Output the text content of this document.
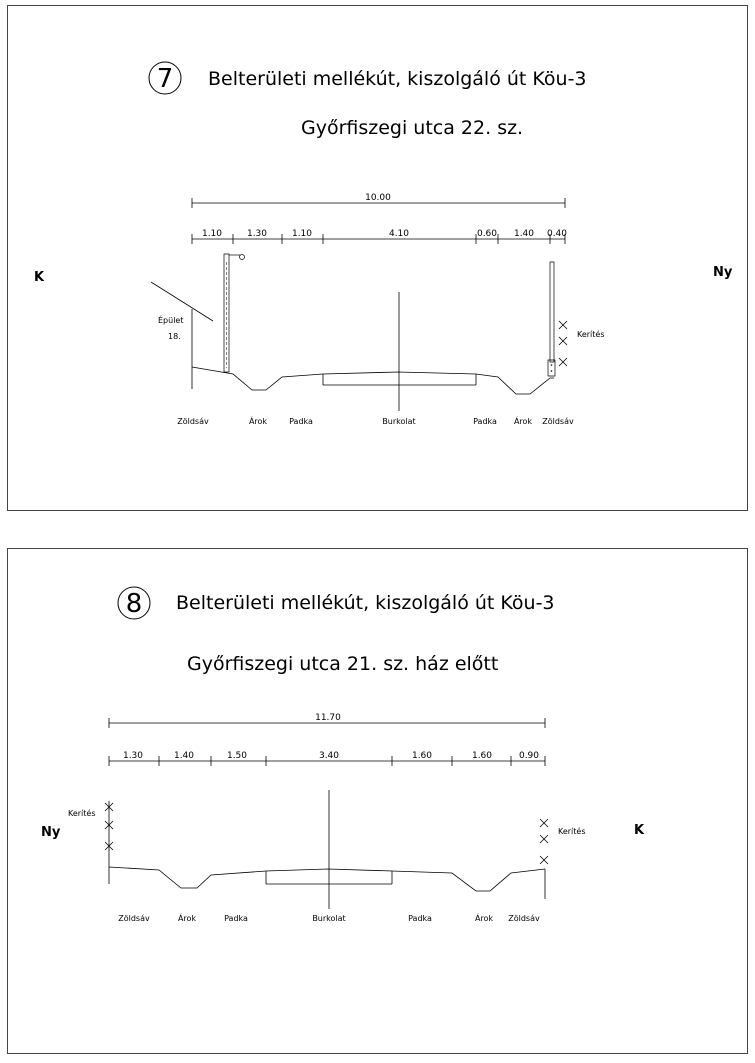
7 Belterületi mellékút, kiszolgáló út Köu-3
Győrfiszegi utca 22. sz.
10.00
1.10	1.30	1.10	4.10	0.60 1.40 0.40
K	Ny
Épület
18.	Kerítés
Zöldsáv	Árok	Padka	Burkolat	Padka Árok Zöldsáv
8 Belterületi mellékút, kiszolgáló út Köu-3
Győrfiszegi utca 21. sz. ház előtt
11.70
1.30	1.40	1.50	3.40	1.60	1.60	0.90
Ny	K
Kerítés
Kerítés
Zöldsáv	Árok	Padka	Burkolat	Padka	Árok Zöldsáv
